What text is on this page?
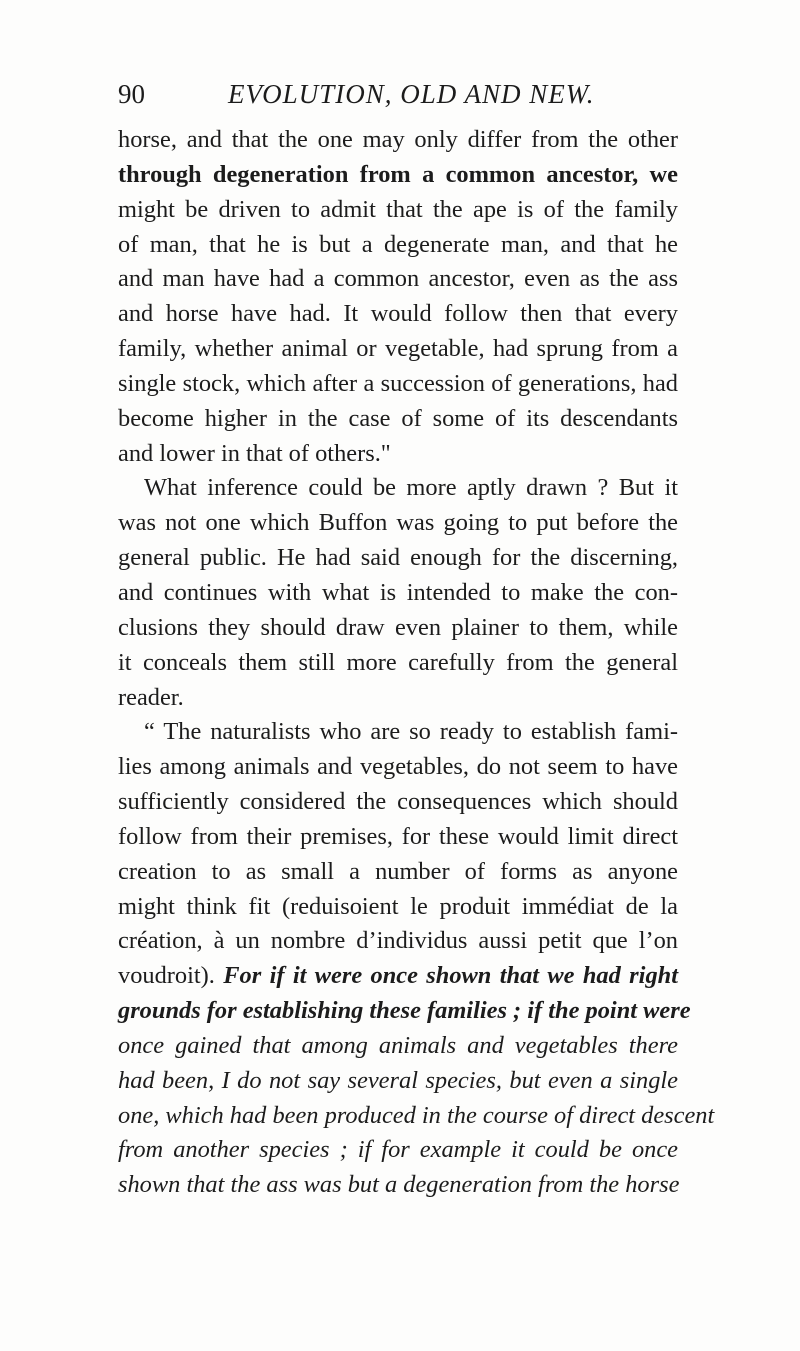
90	EVOLUTION, OLD AND NEW.

horse, and that the one may only differ from the other
through degeneration from a common ancestor, we
might be driven to admit that the ape is of the family
of man, that he is but a degenerate man, and that he
and man have had a common ancestor, even as the ass
and horse have had. It would follow then that every
family, whether animal or vegetable, had sprung from a
single stock, which after a succession of generations, had
become higher in the case of some of its descendants
and lower in that of others."

What inference could be more aptly drawn ? But it
was not one which Buffon was going to put before the
general public. He had said enough for the discerning,
and continues with what is intended to make the con-
clusions they should draw even plainer to them, while
it conceals them still more carefully from the general
reader.

“ The naturalists who are so ready to establish fami-
lies among animals and vegetables, do not seem to have
sufficiently considered the consequences which should
follow from their premises, for these would limit direct
creation to as small a number of forms as anyone
might think fit (reduisoient le produit immédiat de la
création, à un nombre d’individus aussi petit que l’on
voudroit). For if it were once shown that we had right
grounds for establishing these families ; if the point were
once gained that among animals and vegetables there
had been, I do not say several species, but even a single
one, which had been produced in the course of direct descent
from another species ; if for example it could be once
shown that the ass was but a degeneration from the horse
